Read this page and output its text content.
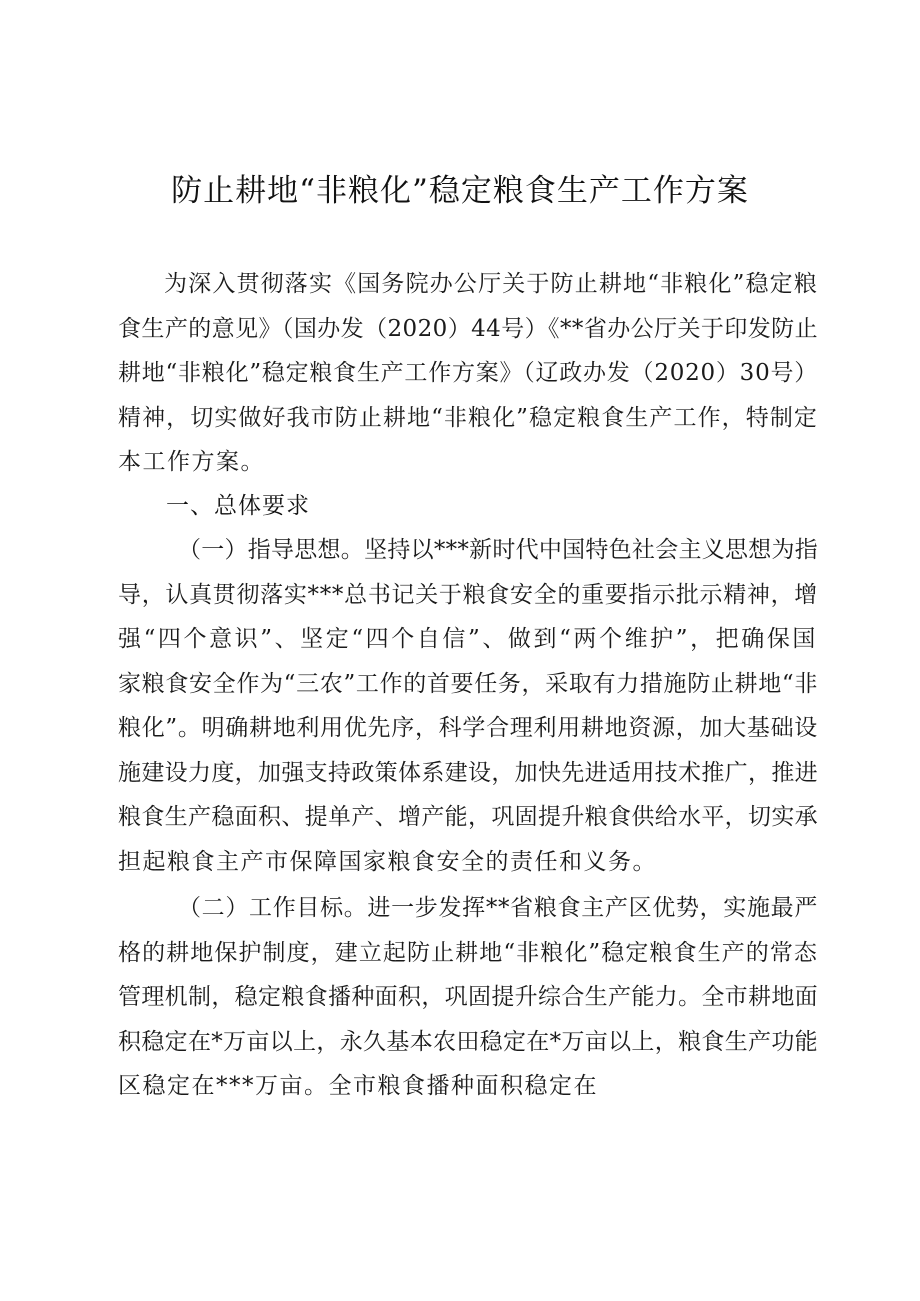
防止耕地“非粮化”稳定粮食生产工作方案
为深入贯彻落实《国务院办公厅关于防止耕地“非粮化”稳定粮
食生产的意见》（国办发（2020）44号）《**省办公厅关于印发防止
耕地“非粮化”稳定粮食生产工作方案》（辽政办发（2020）30号）
精神，切实做好我市防止耕地“非粮化”稳定粮食生产工作，特制定
本工作方案。
一、总体要求
（一）指导思想。坚持以***新时代中国特色社会主义思想为指
导，认真贯彻落实***总书记关于粮食安全的重要指示批示精神，增
强“四个意识”、坚定“四个自信”、做到“两个维护”，把确保国
家粮食安全作为“三农”工作的首要任务，采取有力措施防止耕地“非
粮化”。明确耕地利用优先序，科学合理利用耕地资源，加大基础设
施建设力度，加强支持政策体系建设，加快先进适用技术推广，推进
粮食生产稳面积、提单产、增产能，巩固提升粮食供给水平，切实承
担起粮食主产市保障国家粮食安全的责任和义务。
（二）工作目标。进一步发挥**省粮食主产区优势，实施最严
格的耕地保护制度，建立起防止耕地“非粮化”稳定粮食生产的常态
管理机制，稳定粮食播种面积，巩固提升综合生产能力。全市耕地面
积稳定在*万亩以上，永久基本农田稳定在*万亩以上，粮食生产功能
区稳定在***万亩。全市粮食播种面积稳定在
